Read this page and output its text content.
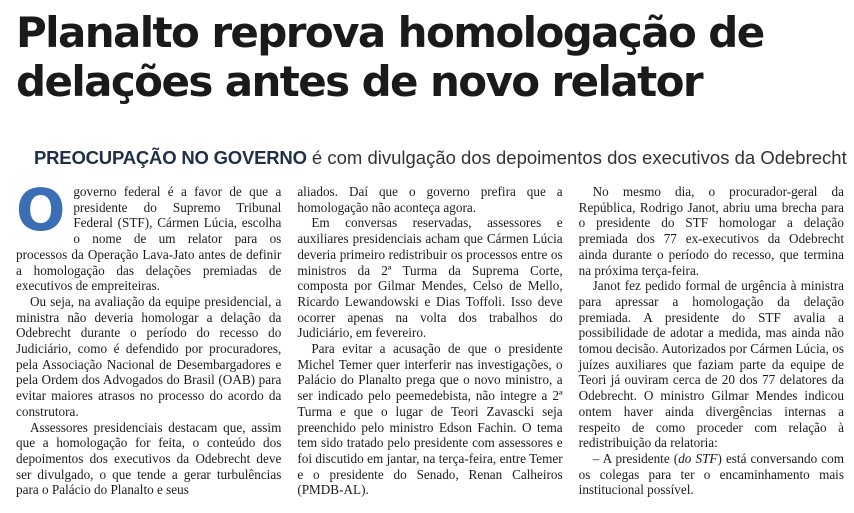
Planalto reprova homologação de delações antes de novo relator

PREOCUPAÇÃO NO GOVERNO é com divulgação dos depoimentos dos executivos da Odebrecht

Ogoverno federal é a favor de que a presidente do Supremo Tribunal Federal (STF), Cármen Lúcia, escolha o nome de um relator para os processos da Operação Lava-Jato antes de definir a homologação das delações premiadas de executivos de empreiteiras.

Ou seja, na avaliação da equipe presidencial, a ministra não deveria homologar a delação da Odebrecht durante o período do recesso do Judiciário, como é defendido por procuradores, pela Associação Nacional de Desembargadores e pela Ordem dos Advogados do Brasil (OAB) para evitar maiores atrasos no processo do acordo da construtora.

Assessores presidenciais destacam que, assim que a homologação for feita, o conteúdo dos depoimentos dos executivos da Odebrecht deve ser divulgado, o que tende a gerar turbulências para o Palácio do Planalto e seus

aliados. Daí que o governo prefira que a homologação não aconteça agora.

Em conversas reservadas, assessores e auxiliares presidenciais acham que Cármen Lúcia deveria primeiro redistribuir os processos entre os ministros da 2ª Turma da Suprema Corte, composta por Gilmar Mendes, Celso de Mello, Ricardo Lewandowski e Dias Toffoli. Isso deve ocorrer apenas na volta dos trabalhos do Judiciário, em fevereiro.

Para evitar a acusação de que o presidente Michel Temer quer interferir nas investigações, o Palácio do Planalto prega que o novo ministro, a ser indicado pelo peemedebista, não integre a 2ª Turma e que o lugar de Teori Zavascki seja preenchido pelo ministro Edson Fachin. O tema tem sido tratado pelo presidente com assessores e foi discutido em jantar, na terça-feira, entre Temer e o presidente do Senado, Renan Calheiros (PMDB-AL).

No mesmo dia, o procurador-geral da República, Rodrigo Janot, abriu uma brecha para o presidente do STF homologar a delação premiada dos 77 ex-executivos da Odebrecht ainda durante o período do recesso, que termina na próxima terça-feira.

Janot fez pedido formal de urgência à ministra para apressar a homologação da delação premiada. A presidente do STF avalia a possibilidade de adotar a medida, mas ainda não tomou decisão. Autorizados por Cármen Lúcia, os juízes auxiliares que faziam parte da equipe de Teori já ouviram cerca de 20 dos 77 delatores da Odebrecht. O ministro Gilmar Mendes indicou ontem haver ainda divergências internas a respeito de como proceder com relação à redistribuição da relatoria:

– A presidente (do STF) está conversando com os colegas para ter o encaminhamento mais institucional possível.
